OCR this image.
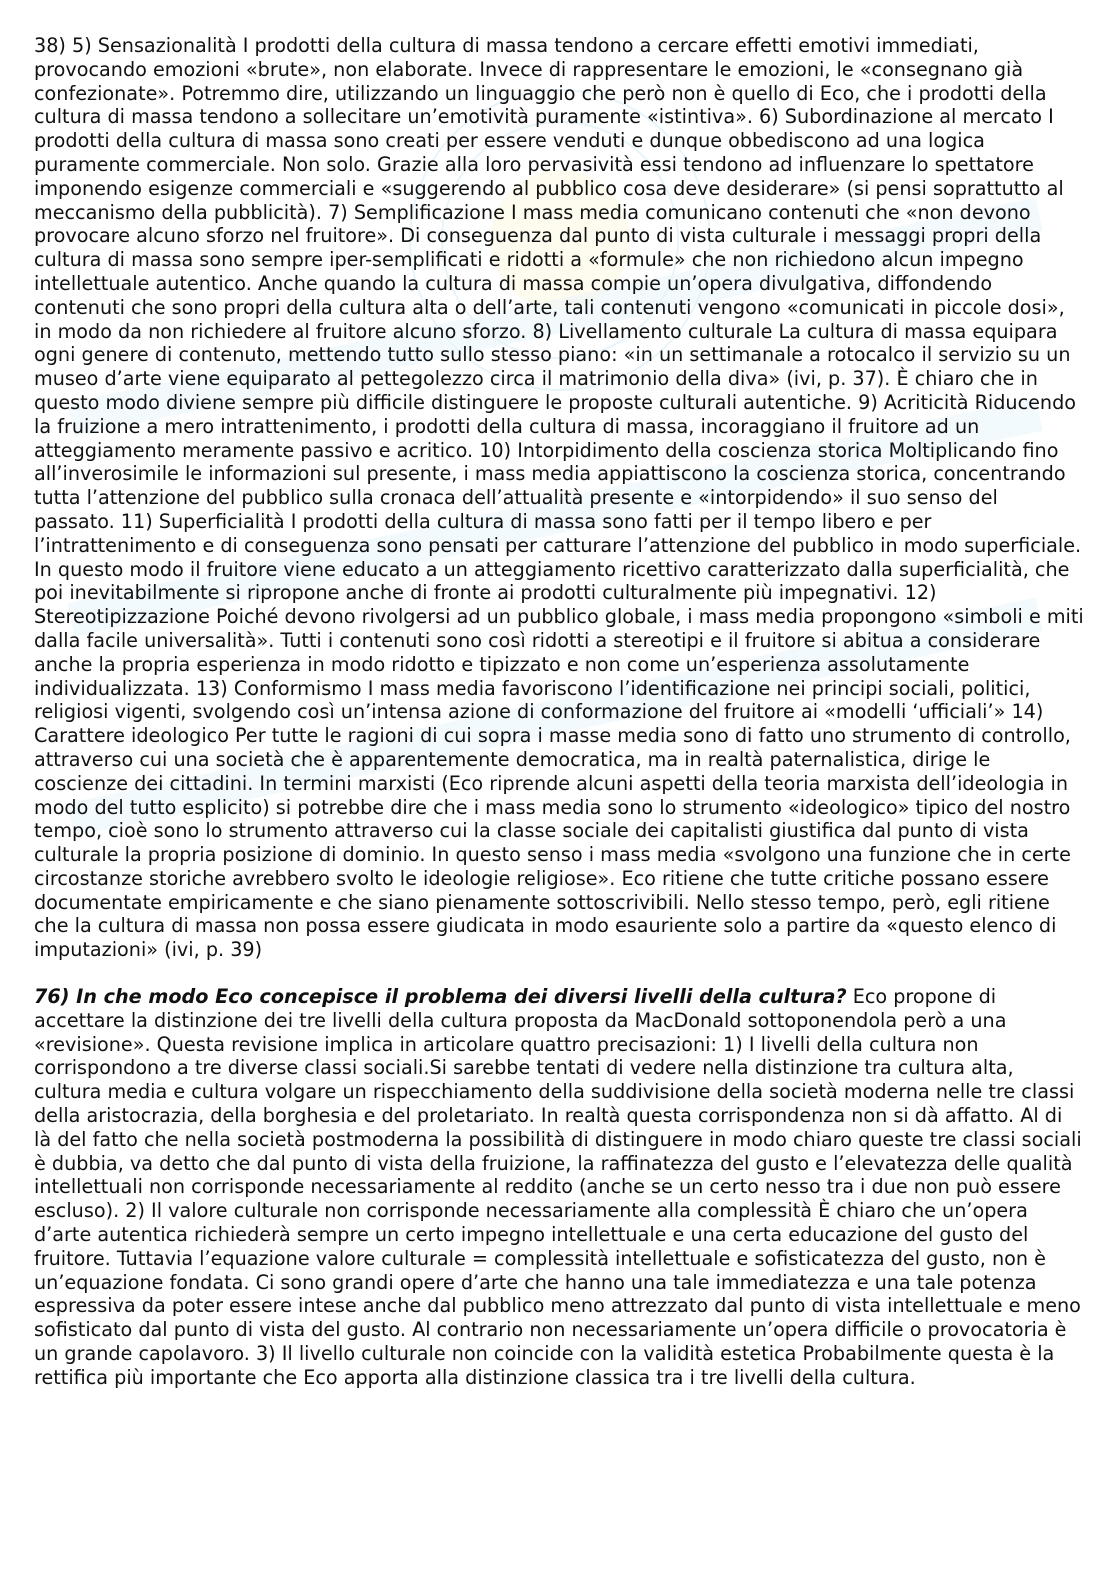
38) 5) Sensazionalità I prodotti della cultura di massa tendono a cercare effetti emotivi immediati, provocando emozioni «brute», non elaborate. Invece di rappresentare le emozioni, le «consegnano già confezionate». Potremmo dire, utilizzando un linguaggio che però non è quello di Eco, che i prodotti della cultura di massa tendono a sollecitare un’emotività puramente «istintiva». 6) Subordinazione al mercato I prodotti della cultura di massa sono creati per essere venduti e dunque obbediscono ad una logica puramente commerciale. Non solo. Grazie alla loro pervasività essi tendono ad influenzare lo spettatore imponendo esigenze commerciali e «suggerendo al pubblico cosa deve desiderare» (si pensi soprattutto al meccanismo della pubblicità). 7) Semplificazione I mass media comunicano contenuti che «non devono provocare alcuno sforzo nel fruitore». Di conseguenza dal punto di vista culturale i messaggi propri della cultura di massa sono sempre iper-semplificati e ridotti a «formule» che non richiedono alcun impegno intellettuale autentico. Anche quando la cultura di massa compie un’opera divulgativa, diffondendo contenuti che sono propri della cultura alta o dell’arte, tali contenuti vengono «comunicati in piccole dosi», in modo da non richiedere al fruitore alcuno sforzo. 8) Livellamento culturale La cultura di massa equipara ogni genere di contenuto, mettendo tutto sullo stesso piano: «in un settimanale a rotocalco il servizio su un museo d’arte viene equiparato al pettegolezzo circa il matrimonio della diva» (ivi, p. 37). È chiaro che in questo modo diviene sempre più difficile distinguere le proposte culturali autentiche. 9) Acriticità Riducendo la fruizione a mero intrattenimento, i prodotti della cultura di massa, incoraggiano il fruitore ad un atteggiamento meramente passivo e acritico. 10) Intorpidimento della coscienza storica Moltiplicando fino all’inverosimile le informazioni sul presente, i mass media appiattiscono la coscienza storica, concentrando tutta l’attenzione del pubblico sulla cronaca dell’attualità presente e «intorpidendo» il suo senso del passato. 11) Superficialità I prodotti della cultura di massa sono fatti per il tempo libero e per l’intrattenimento e di conseguenza sono pensati per catturare l’attenzione del pubblico in modo superficiale. In questo modo il fruitore viene educato a un atteggiamento ricettivo caratterizzato dalla superficialità, che poi inevitabilmente si ripropone anche di fronte ai prodotti culturalmente più impegnativi. 12) Stereotipizzazione Poiché devono rivolgersi ad un pubblico globale, i mass media propongono «simboli e miti dalla facile universalità». Tutti i contenuti sono così ridotti a stereotipi e il fruitore si abitua a considerare anche la propria esperienza in modo ridotto e tipizzato e non come un’esperienza assolutamente individualizzata. 13) Conformismo I mass media favoriscono l’identificazione nei principi sociali, politici, religiosi vigenti, svolgendo così un’intensa azione di conformazione del fruitore ai «modelli ‘ufficiali’» 14) Carattere ideologico Per tutte le ragioni di cui sopra i masse media sono di fatto uno strumento di controllo, attraverso cui una società che è apparentemente democratica, ma in realtà paternalistica, dirige le coscienze dei cittadini. In termini marxisti (Eco riprende alcuni aspetti della teoria marxista dell’ideologia in modo del tutto esplicito) si potrebbe dire che i mass media sono lo strumento «ideologico» tipico del nostro tempo, cioè sono lo strumento attraverso cui la classe sociale dei capitalisti giustifica dal punto di vista culturale la propria posizione di dominio. In questo senso i mass media «svolgono una funzione che in certe circostanze storiche avrebbero svolto le ideologie religiose». Eco ritiene che tutte critiche possano essere documentate empiricamente e che siano pienamente sottoscrivibili. Nello stesso tempo, però, egli ritiene che la cultura di massa non possa essere giudicata in modo esauriente solo a partire da «questo elenco di imputazioni» (ivi, p. 39)

76) In che modo Eco concepisce il problema dei diversi livelli della cultura? Eco propone di accettare la distinzione dei tre livelli della cultura proposta da MacDonald sottoponendola però a una «revisione». Questa revisione implica in articolare quattro precisazioni: 1) I livelli della cultura non corrispondono a tre diverse classi sociali.Si sarebbe tentati di vedere nella distinzione tra cultura alta, cultura media e cultura volgare un rispecchiamento della suddivisione della società moderna nelle tre classi della aristocrazia, della borghesia e del proletariato. In realtà questa corrispondenza non si dà affatto. Al di là del fatto che nella società postmoderna la possibilità di distinguere in modo chiaro queste tre classi sociali è dubbia, va detto che dal punto di vista della fruizione, la raffinatezza del gusto e l’elevatezza delle qualità intellettuali non corrisponde necessariamente al reddito (anche se un certo nesso tra i due non può essere escluso). 2) Il valore culturale non corrisponde necessariamente alla complessità È chiaro che un’opera d’arte autentica richiederà sempre un certo impegno intellettuale e una certa educazione del gusto del fruitore. Tuttavia l’equazione valore culturale = complessità intellettuale e sofisticatezza del gusto, non è un’equazione fondata. Ci sono grandi opere d’arte che hanno una tale immediatezza e una tale potenza espressiva da poter essere intese anche dal pubblico meno attrezzato dal punto di vista intellettuale e meno sofisticato dal punto di vista del gusto. Al contrario non necessariamente un’opera difficile o provocatoria è un grande capolavoro. 3) Il livello culturale non coincide con la validità estetica Probabilmente questa è la rettifica più importante che Eco apporta alla distinzione classica tra i tre livelli della cultura.
